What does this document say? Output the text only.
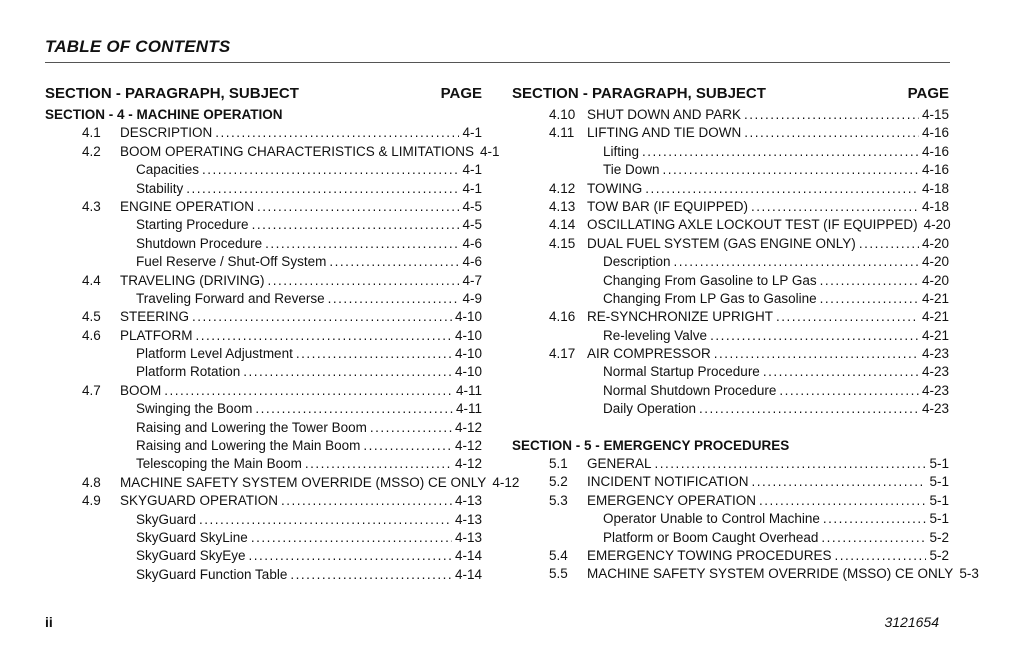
TABLE OF CONTENTS
SECTION - PARAGRAPH, SUBJECT	PAGE
SECTION - 4 - MACHINE OPERATION
4.1	DESCRIPTION .....	4-1
4.2	BOOM OPERATING CHARACTERISTICS & LIMITATIONS 4-1
Capacities .....	4-1
Stability .....	4-1
4.3	ENGINE OPERATION .....	4-5
Starting Procedure .....	4-5
Shutdown Procedure .....	4-6
Fuel Reserve / Shut-Off System .....	4-6
4.4	TRAVELING (DRIVING) .....	4-7
Traveling Forward and Reverse .....	4-9
4.5	STEERING .....	4-10
4.6	PLATFORM .....	4-10
Platform Level Adjustment .....	4-10
Platform Rotation .....	4-10
4.7	BOOM .....	4-11
Swinging the Boom .....	4-11
Raising and Lowering the Tower Boom .....	4-12
Raising and Lowering the Main Boom .....	4-12
Telescoping the Main Boom .....	4-12
4.8	MACHINE SAFETY SYSTEM OVERRIDE (MSSO) CE ONLY 4-12
4.9	SKYGUARD OPERATION .....	4-13
SkyGuard .....	4-13
SkyGuard SkyLine .....	4-13
SkyGuard SkyEye .....	4-14
SkyGuard Function Table .....	4-14
SECTION - PARAGRAPH, SUBJECT	PAGE
4.10 SHUT DOWN AND PARK .....	4-15
4.11 LIFTING AND TIE DOWN .....	4-16
Lifting .....	4-16
Tie Down .....	4-16
4.12 TOWING .....	4-18
4.13 TOW BAR (IF EQUIPPED) .....	4-18
4.14 OSCILLATING AXLE LOCKOUT TEST (IF EQUIPPED) 4-20
4.15 DUAL FUEL SYSTEM (GAS ENGINE ONLY) .....	4-20
Description .....	4-20
Changing From Gasoline to LP Gas .....	4-20
Changing From LP Gas to Gasoline .....	4-21
4.16 RE-SYNCHRONIZE UPRIGHT .....	4-21
Re-leveling Valve .....	4-21
4.17 AIR COMPRESSOR .....	4-23
Normal Startup Procedure .....	4-23
Normal Shutdown Procedure .....	4-23
Daily Operation .....	4-23
SECTION - 5 - EMERGENCY PROCEDURES
5.1	GENERAL .....	5-1
5.2	INCIDENT NOTIFICATION .....	5-1
5.3	EMERGENCY OPERATION .....	5-1
Operator Unable to Control Machine .....	5-1
Platform or Boom Caught Overhead .....	5-2
5.4	EMERGENCY TOWING PROCEDURES .....	5-2
5.5	MACHINE SAFETY SYSTEM OVERRIDE (MSSO) CE ONLY 5-3
ii	3121654
